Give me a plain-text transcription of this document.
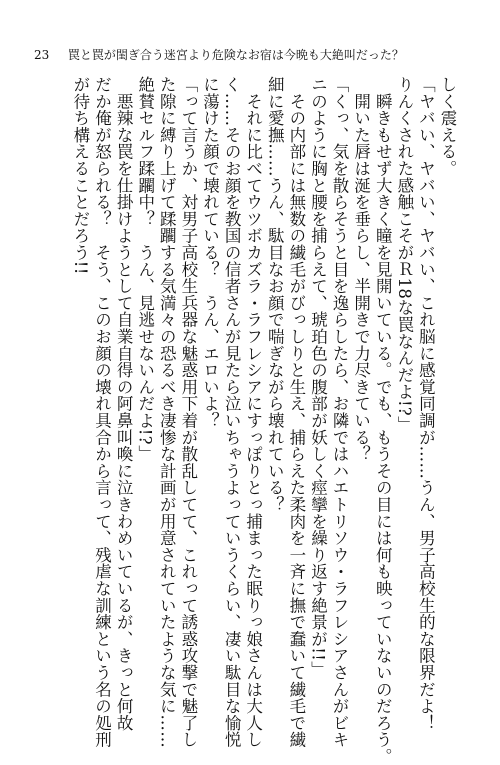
23 罠と罠が閨ぎ合う迷宮より危険なお宿は今晩も大絶叫だった？
しく震える。
「ヤバい、ヤバい、ヤバい、これ脳に感覚同調が……うん、男子高校生的な限界だよ！
りんくされた感触こそがＲ18な罠なんだよ!?」
　瞬きもせず大きく瞳を見開いている。でも、もうその目には何も映っていないのだろう。
　開いた唇は涎を垂らし、半開きで力尽きている？
「くっ、気を散らそうと目を逸らしたら、お隣ではハエトリソウ・ラフレシアさんがビキ
ニのように胸と腰を捕らえて、琥珀色の腹部が妖しく痙攣を繰り返す絶景が!!」
　その内部には無数の繊毛がびっしりと生え、捕らえた柔肉を一斉に撫で蠢いて繊毛で繊
細に愛撫……うん、駄目なお顔で喘ぎながら壊れている？
　それに比べてウツボカズラ・ラフレシアにすっぽりとっ捕まった眠りっ娘さんは大人し
く……そのお顔を教国の信者さんが見たら泣いちゃうよっていうくらい、凄い駄目な愉悦
に蕩けた顔で壊れている？　うん、エロいよ？
「って言うか、対男子高校生兵器な魅惑用下着が散乱してて、これって誘惑攻撃で魅了し
た隙に縛り上げて蹂躙する気満々の恐るべき凄惨な計画が用意されていたような気に……
絶賛セルフ蹂躙中？　うん、見逃せないんだよ!?」
　悪辣な罠を仕掛けようとして自業自得の阿鼻叫喚に泣きわめいているが、きっと何故
だか俺が怒られる？　そう、このお顔の壊れ具合から言って、残虐な訓練という名の処刑
が待ち構えることだろう!!
